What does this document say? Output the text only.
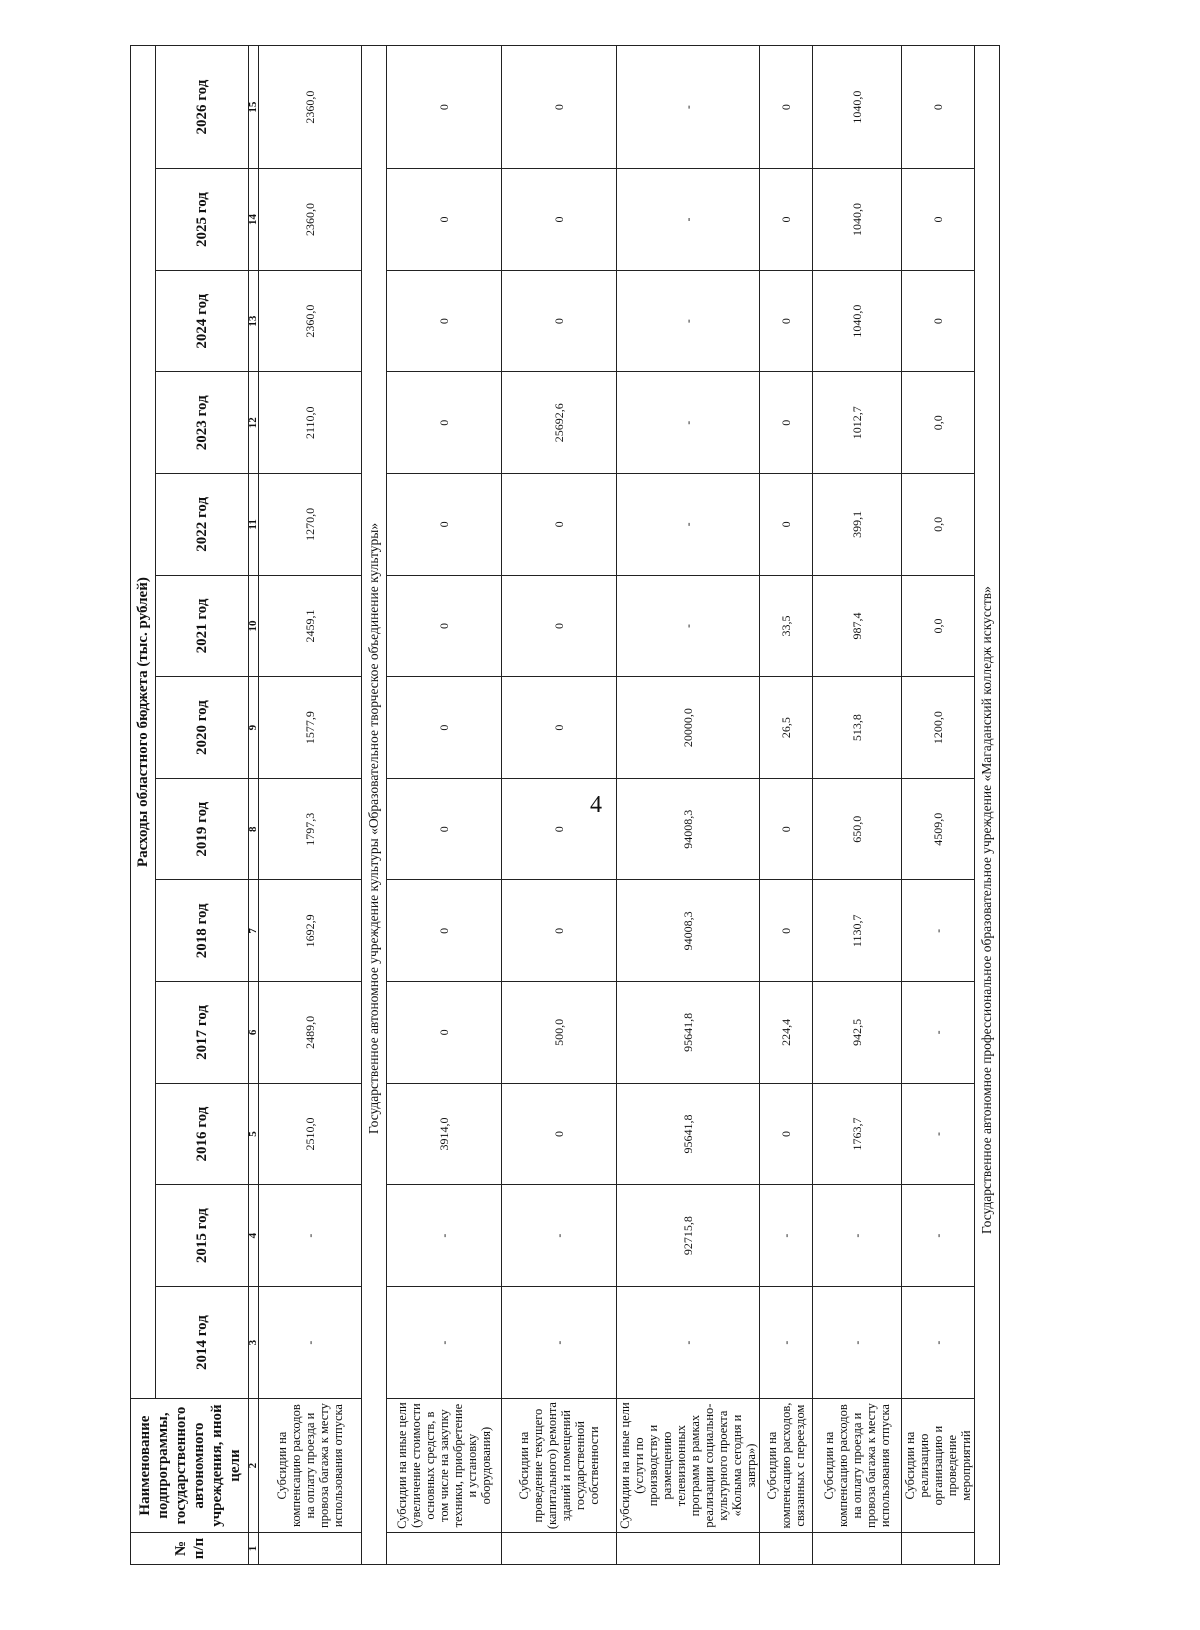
4
№ п/п	Наименование подпрограммы, государственного автономного учреждения, иной цели	Расходы областного бюджета (тыс. рублей)												
		2014 год	2015 год	2016 год	2017 год	2018 год	2019 год	2020 год	2021 год	2022 год	2023 год	2024 год	2025 год	2026 год
1	2	3	4	5	6	7	8	9	10	11	12	13	14	15
	Субсидии на компенсацию расходов на оплату проезда и провоза багажа к месту использования отпуска	-	-	2510,0	2489,0	1692,9	1797,3	1577,9	2459,1	1270,0	2110,0	2360,0	2360,0	2360,0
Государственное автономное учреждение культуры «Образовательное творческое объединение культуры»														
	Субсидии на иные цели (увеличение стоимости основных средств, в том числе на закупку техники, приобретение и установку оборудования)	-	-	3914,0	0	0	0	0	0	0	0	0	0	0
	Субсидии на проведение текущего (капитального) ремонта зданий и помещений государственной собственности	-	-	0	500,0	0	0	0	0	0	25692,6	0	0	0
	Субсидии на иные цели (услуги по производству и размещению телевизионных программ в рамках реализации социально-культурного проекта «Колыма сегодня и завтра»)	-	92715,8	95641,8	95641,8	94008,3	94008,3	20000,0	-	-	-	-	-	-
	Субсидии на компенсацию расходов, связанных с переездом	-	-	0	224,4	0	0	26,5	33,5	0	0	0	0	0
	Субсидии на компенсацию расходов на оплату проезда и провоза багажа к месту использования отпуска	-	-	1763,7	942,5	1130,7	650,0	513,8	987,4	399,1	1012,7	1040,0	1040,0	1040,0
	Субсидии на реализацию организацию и проведение мероприятий	-	-	-	-	-	4509,0	1200,0	0,0	0,0	0,0	0	0	0
Государственное автономное профессиональное образовательное учреждение «Магаданский колледж искусств»														
